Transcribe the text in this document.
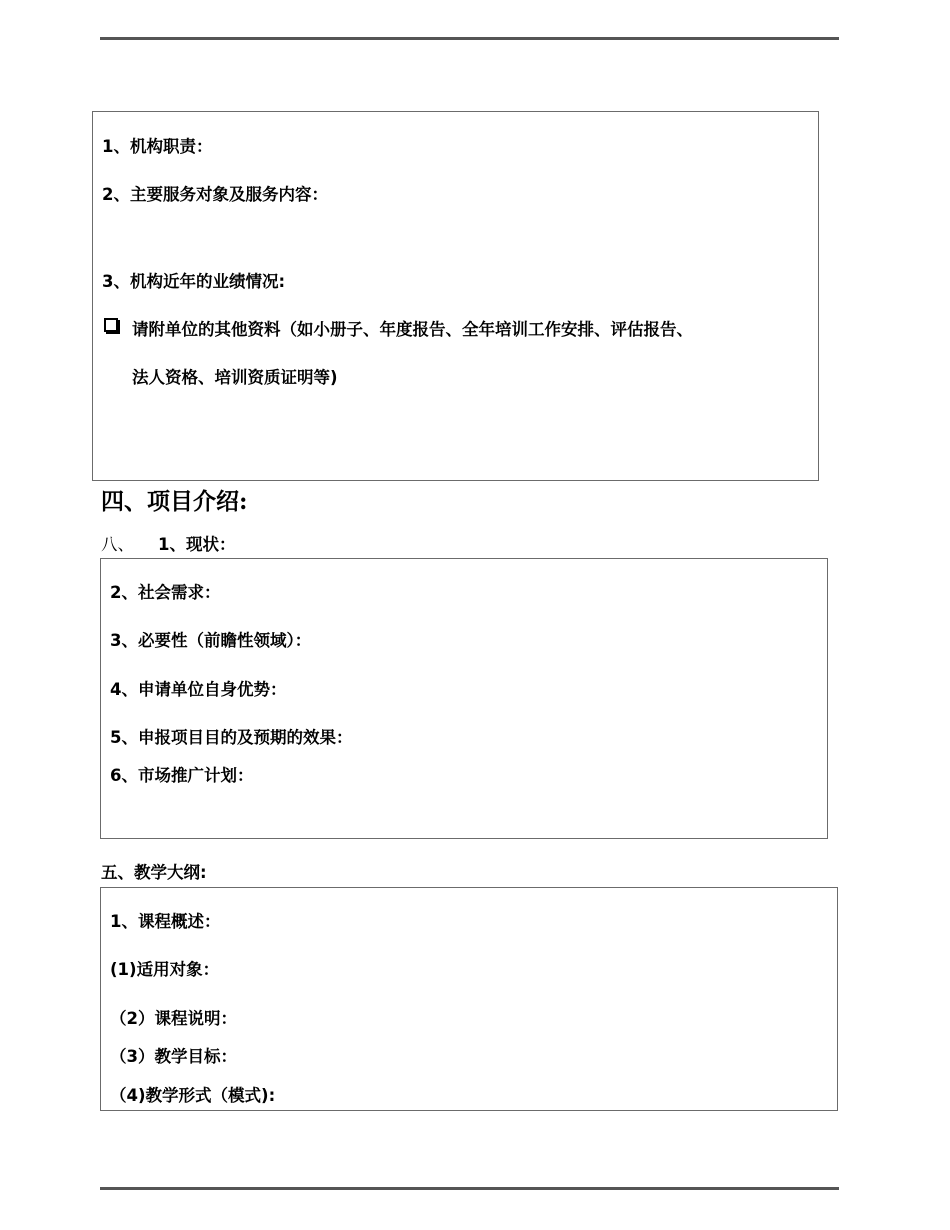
1、机构职责：
2、主要服务对象及服务内容：
3、机构近年的业绩情况:
请附单位的其他资料（如小册子、年度报告、全年培训工作安排、评估报告、
法人资格、培训资质证明等)
四、项目介绍:
八、 1、现状：
2、社会需求：
3、必要性（前瞻性领域）：
4、申请单位自身优势：
5、申报项目目的及预期的效果：
6、市场推广计划：
五、教学大纲:
1、课程概述：
(1)适用对象：
（2）课程说明：
（3）教学目标：
（4)教学形式（模式):
